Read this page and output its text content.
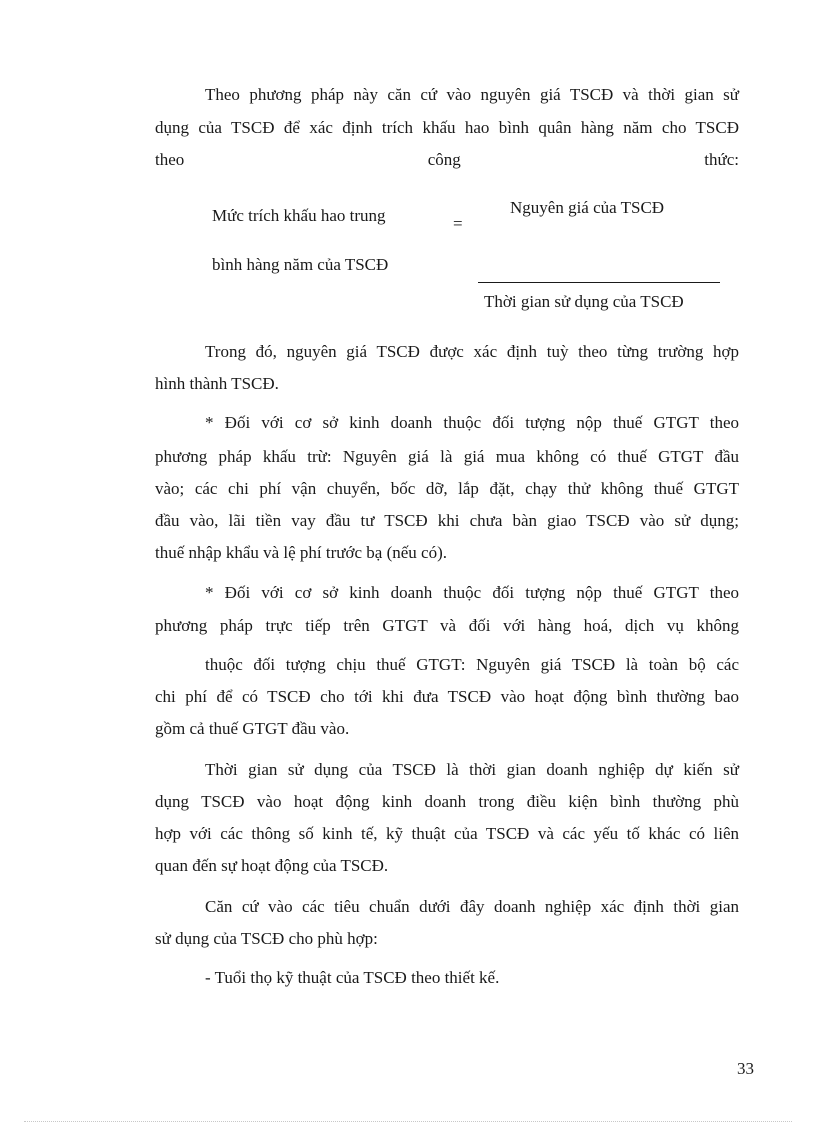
Theo phương pháp này căn cứ vào nguyên giá TSCĐ và thời gian sử
dụng của TSCĐ để xác định trích khấu hao bình quân hàng năm cho TSCĐ
theo	công	thức:
Mức trích khấu hao trung
bình hàng năm của TSCĐ
=
Nguyên giá của TSCĐ
Thời gian sử dụng của TSCĐ
Trong đó, nguyên giá TSCĐ được xác định tuỳ theo từng trường hợp
hình thành TSCĐ.
* Đối với cơ sở kinh doanh thuộc đối tượng nộp thuế GTGT theo
phương pháp khấu trừ: Nguyên giá là giá mua không có thuế GTGT đầu
vào; các chi phí vận chuyển, bốc dỡ, lắp đặt, chạy thử không thuế GTGT
đầu vào, lãi tiền vay đầu tư TSCĐ khi chưa bàn giao TSCĐ vào sử dụng;
thuế nhập khẩu và lệ phí trước bạ (nếu có).
* Đối với cơ sở kinh doanh thuộc đối tượng nộp thuế GTGT theo
phương pháp trực tiếp trên GTGT và đối với hàng hoá, dịch vụ không
thuộc đối tượng chịu thuế GTGT: Nguyên giá TSCĐ là toàn bộ các
chi phí để có TSCĐ cho tới khi đưa TSCĐ vào hoạt động bình thường bao
gồm cả thuế GTGT đầu vào.
Thời gian sử dụng của TSCĐ là thời gian doanh nghiệp dự kiến sử
dụng TSCĐ vào hoạt động kinh doanh trong điều kiện bình thường phù
hợp với các thông số kinh tế, kỹ thuật của TSCĐ và các yếu tố khác có liên
quan đến sự hoạt động của TSCĐ.
Căn cứ vào các tiêu chuẩn dưới đây doanh nghiệp xác định thời gian
sử dụng của TSCĐ cho phù hợp:
- Tuổi thọ kỹ thuật của TSCĐ theo thiết kế.
33
